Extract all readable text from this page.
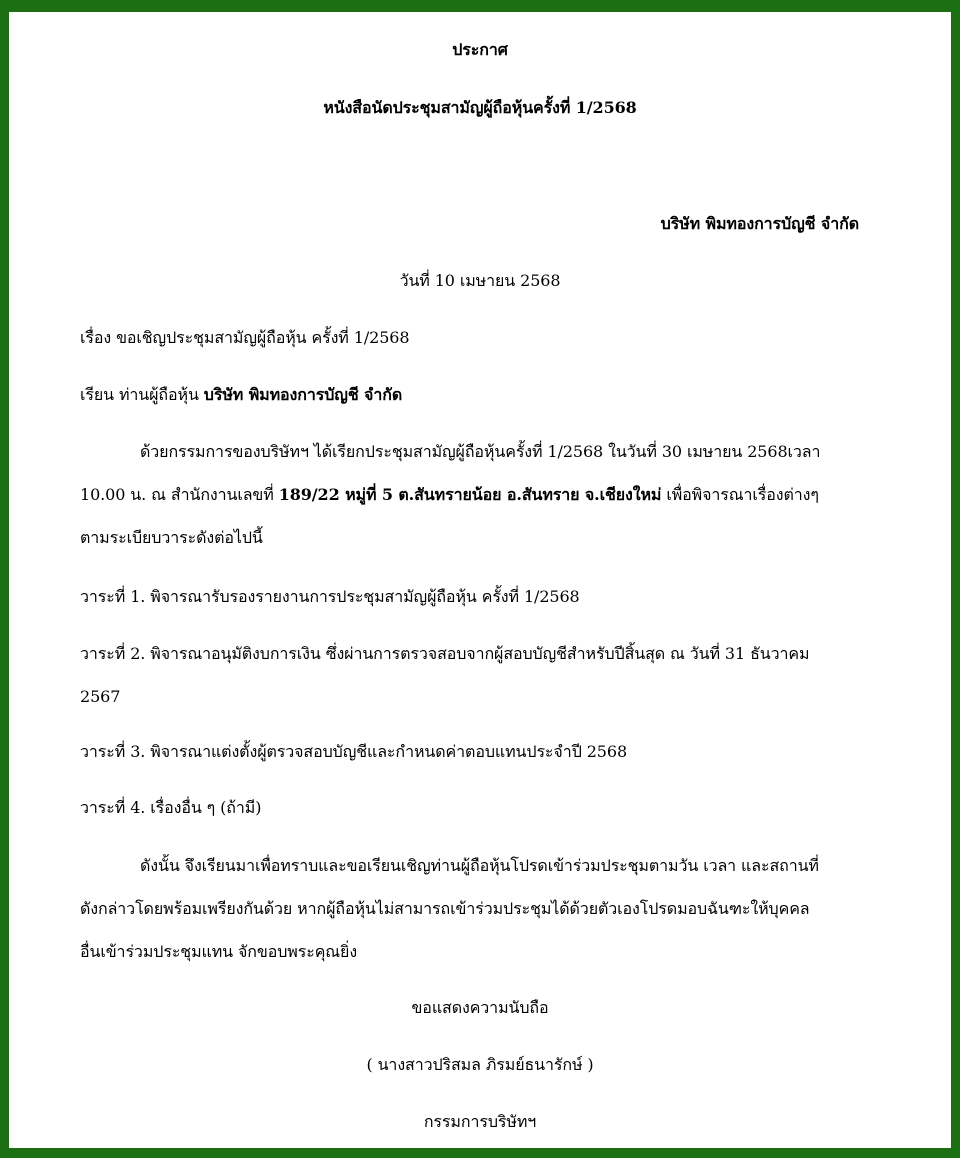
ประกาศ
หนังสือนัดประชุมสามัญผู้ถือหุ้นครั้งที่ 1/2568
บริษัท พิมทองการบัญชี จำกัด
วันที่ 10 เมษายน 2568
เรื่อง ขอเชิญประชุมสามัญผู้ถือหุ้น ครั้งที่ 1/2568
เรียน ท่านผู้ถือหุ้น บริษัท พิมทองการบัญชี จำกัด
ด้วยกรรมการของบริษัทฯ ได้เรียกประชุมสามัญผู้ถือหุ้นครั้งที่ 1/2568 ในวันที่ 30 เมษายน 2568เวลา
10.00 น. ณ สำนักงานเลขที่ 189/22 หมู่ที่ 5 ต.สันทรายน้อย อ.สันทราย จ.เชียงใหม่ เพื่อพิจารณาเรื่องต่างๆ
ตามระเบียบวาระดังต่อไปนี้
วาระที่ 1. พิจารณารับรองรายงานการประชุมสามัญผู้ถือหุ้น ครั้งที่ 1/2568
วาระที่ 2. พิจารณาอนุมัติงบการเงิน ซึ่งผ่านการตรวจสอบจากผู้สอบบัญชีสำหรับปีสิ้นสุด ณ วันที่ 31 ธันวาคม
2567
วาระที่ 3. พิจารณาแต่งตั้งผู้ตรวจสอบบัญชีและกำหนดค่าตอบแทนประจำปี 2568
วาระที่ 4. เรื่องอื่น ๆ (ถ้ามี)
ดังนั้น จึงเรียนมาเพื่อทราบและขอเรียนเชิญท่านผู้ถือหุ้นโปรดเข้าร่วมประชุมตามวัน เวลา และสถานที่
ดังกล่าวโดยพร้อมเพรียงกันด้วย หากผู้ถือหุ้นไม่สามารถเข้าร่วมประชุมได้ด้วยตัวเองโปรดมอบฉันฑะให้บุคคล
อื่นเข้าร่วมประชุมแทน จักขอบพระคุณยิ่ง
ขอแสดงความนับถือ
( นางสาวปริสมล ภิรมย์ธนารักษ์ )
กรรมการบริษัทฯ
